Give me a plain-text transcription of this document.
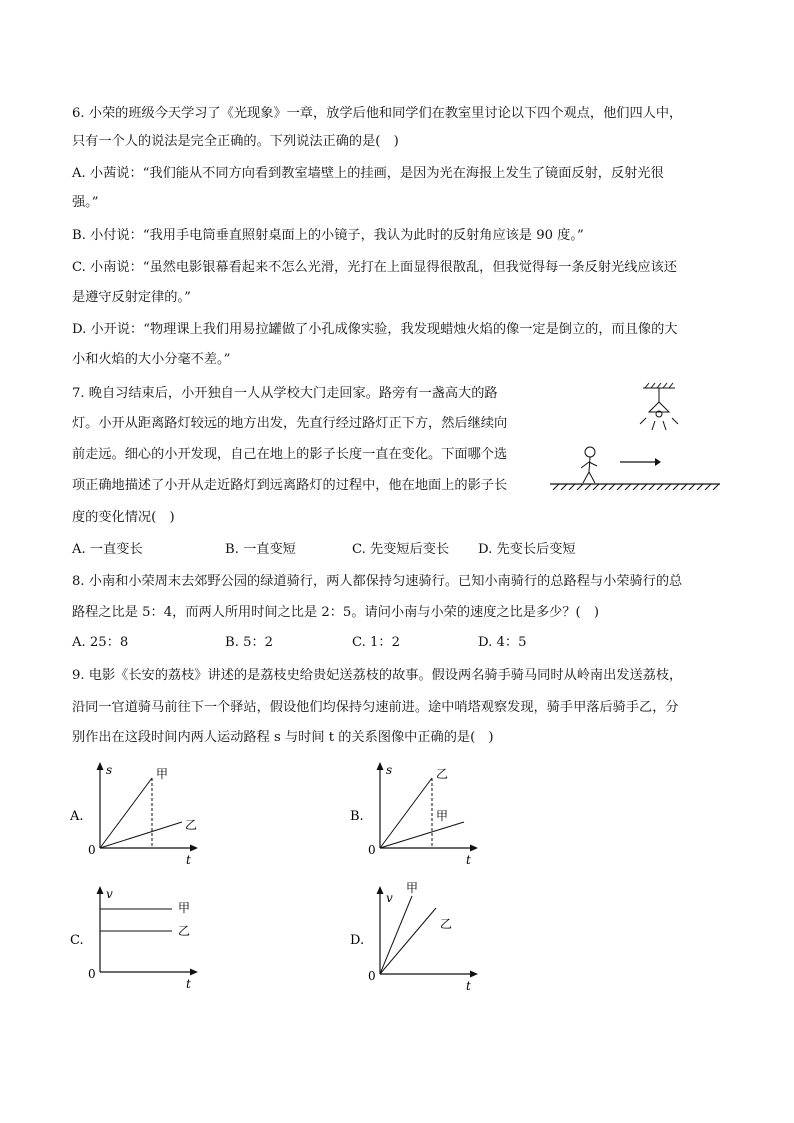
6. 小荣的班级今天学习了《光现象》一章，放学后他和同学们在教室里讨论以下四个观点，他们四人中，
只有一个人的说法是完全正确的。下列说法正确的是(　)
A. 小茜说：“我们能从不同方向看到教室墙壁上的挂画，是因为光在海报上发生了镜面反射，反射光很
强。”
B. 小付说：“我用手电筒垂直照射桌面上的小镜子，我认为此时的反射角应该是 90 度。”
C. 小南说：“虽然电影银幕看起来不怎么光滑，光打在上面显得很散乱，但我觉得每一条反射光线应该还
是遵守反射定律的。”
D. 小开说：“物理课上我们用易拉罐做了小孔成像实验，我发现蜡烛火焰的像一定是倒立的，而且像的大
小和火焰的大小分毫不差。”
7. 晚自习结束后，小开独自一人从学校大门走回家。路旁有一盏高大的路
灯。小开从距离路灯较远的地方出发，先直行经过路灯正下方，然后继续向
前走远。细心的小开发现，自己在地上的影子长度一直在变化。下面哪个选
项正确地描述了小开从走近路灯到远离路灯的过程中，他在地面上的影子长
度的变化情况(　)
A. 一直变长	B. 一直变短	C. 先变短后变长 D. 先变长后变短
8. 小南和小荣周末去郊野公园的绿道骑行，两人都保持匀速骑行。已知小南骑行的总路程与小荣骑行的总
路程之比是 5：4，而两人所用时间之比是 2：5。请问小南与小荣的速度之比是多少？(　)
A. 25：8	B. 5：2	C. 1：2	D. 4：5
9. 电影《长安的荔枝》讲述的是荔枝史给贵妃送荔枝的故事。假设两名骑手骑马同时从岭南出发送荔枝，
沿同一官道骑马前往下一个驿站，假设他们均保持匀速前进。途中哨塔观察发现，骑手甲落后骑手乙，分
别作出在这段时间内两人运动路程 s 与时间 t 的关系图像中正确的是(　)
A.
s
t
0
甲
乙
B.
s
t
0
乙
甲
C.
v
t
0
甲
乙
D.
v
t
0
甲
乙
